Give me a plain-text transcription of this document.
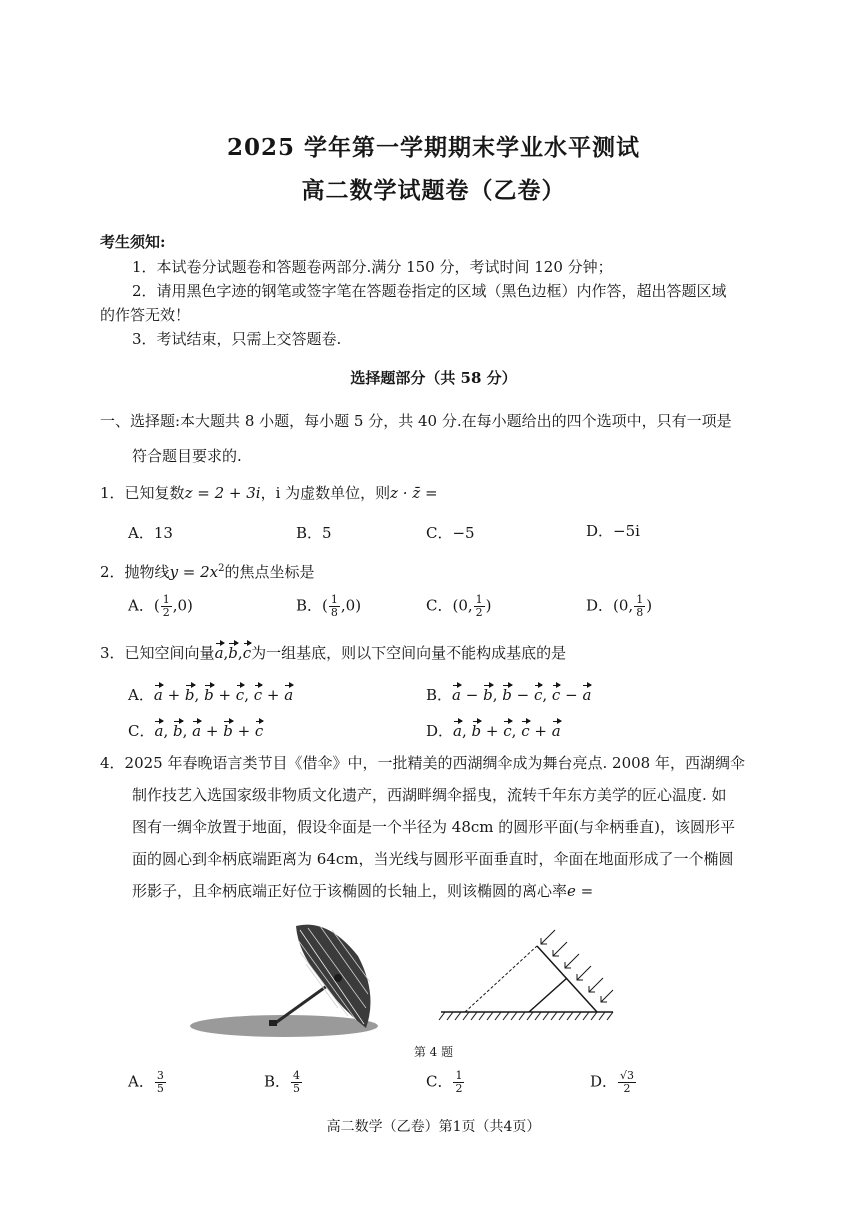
2025 学年第一学期期末学业水平测试
高二数学试题卷（乙卷）
考生须知:
1．本试卷分试题卷和答题卷两部分.满分 150 分，考试时间 120 分钟；
2．请用黑色字迹的钢笔或签字笔在答题卷指定的区域（黑色边框）内作答，超出答题区域
的作答无效！
3．考试结束，只需上交答题卷.
选择题部分（共 58 分）
一、选择题:本大题共 8 小题，每小题 5 分，共 40 分.在每小题给出的四个选项中，只有一项是
符合题目要求的.
1．已知复数z = 2 + 3i，i 为虚数单位，则z · z̄ =
A．13	B．5	C．−5	D．−5i
2．抛物线$y = 2x^2$的焦点坐标是
A．( $\frac{1}{2} ,0$)	B．( $\frac{1}{8} ,0$)	C．(0, $\frac{1}{2}$ )	D．(0, $\frac{1}{8}$ )
3．已知空间向量a,b,c为一组基底，则以下空间向量不能构成基底的是
A．a + b, b + c, c + a	B．a − b, b − c, c − a
C．a, b, a + b + c	D．a, b + c, c + a
4．2025 年春晚语言类节目《借伞》中，一批精美的西湖绸伞成为舞台亮点. 2008 年，西湖绸伞
制作技艺入选国家级非物质文化遗产，西湖畔绸伞摇曳，流转千年东方美学的匠心温度. 如
图有一绸伞放置于地面，假设伞面是一个半径为 48cm 的圆形平面(与伞柄垂直)，该圆形平
面的圆心到伞柄底端距离为 64cm，当光线与圆形平面垂直时，伞面在地面形成了一个椭圆
形影子，且伞柄底端正好位于该椭圆的长轴上，则该椭圆的离心率e =
第 4 题
A． $\frac{3}{5}$	B． $\frac{4}{5}$	C． $\frac{1}{2}$	D． $\frac{√3}{2}$
高二数学（乙卷）第1页（共4页）
